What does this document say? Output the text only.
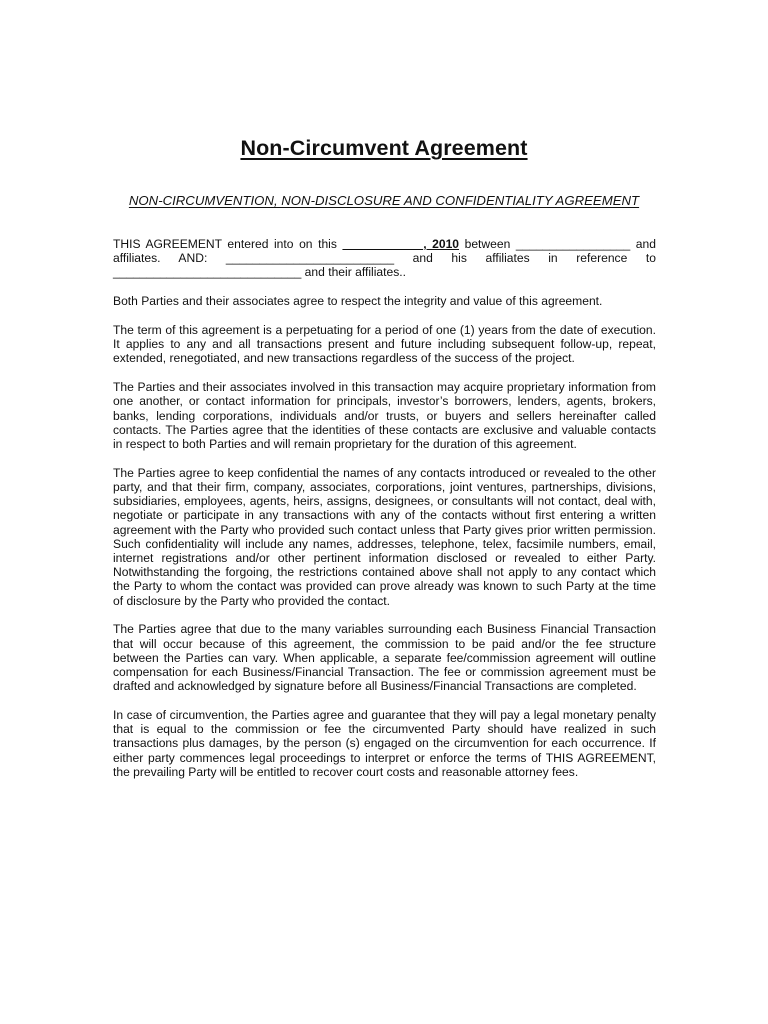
Non-Circumvent Agreement
NON-CIRCUMVENTION, NON-DISCLOSURE AND CONFIDENTIALITY AGREEMENT

THIS AGREEMENT entered into on this ____________, 2010 between _________________ and affiliates. AND: _________________________ and his affiliates in reference to ____________________________ and their affiliates..

Both Parties and their associates agree to respect the integrity and value of this agreement.

The term of this agreement is a perpetuating for a period of one (1) years from the date of execution. It applies to any and all transactions present and future including subsequent follow-up, repeat, extended, renegotiated, and new transactions regardless of the success of the project.

The Parties and their associates involved in this transaction may acquire proprietary information from one another, or contact information for principals, investor’s borrowers, lenders, agents, brokers, banks, lending corporations, individuals and/or trusts, or buyers and sellers hereinafter called contacts. The Parties agree that the identities of these contacts are exclusive and valuable contacts in respect to both Parties and will remain proprietary for the duration of this agreement.

The Parties agree to keep confidential the names of any contacts introduced or revealed to the other party, and that their firm, company, associates, corporations, joint ventures, partnerships, divisions, subsidiaries, employees, agents, heirs, assigns, designees, or consultants will not contact, deal with, negotiate or participate in any transactions with any of the contacts without first entering a written agreement with the Party who provided such contact unless that Party gives prior written permission. Such confidentiality will include any names, addresses, telephone, telex, facsimile numbers, email, internet registrations and/or other pertinent information disclosed or revealed to either Party. Notwithstanding the forgoing, the restrictions contained above shall not apply to any contact which the Party to whom the contact was provided can prove already was known to such Party at the time of disclosure by the Party who provided the contact.

The Parties agree that due to the many variables surrounding each Business Financial Transaction that will occur because of this agreement, the commission to be paid and/or the fee structure between the Parties can vary. When applicable, a separate fee/commission agreement will outline compensation for each Business/Financial Transaction. The fee or commission agreement must be drafted and acknowledged by signature before all Business/Financial Transactions are completed.

In case of circumvention, the Parties agree and guarantee that they will pay a legal monetary penalty that is equal to the commission or fee the circumvented Party should have realized in such transactions plus damages, by the person (s) engaged on the circumvention for each occurrence. If either party commences legal proceedings to interpret or enforce the terms of THIS AGREEMENT, the prevailing Party will be entitled to recover court costs and reasonable attorney fees.
